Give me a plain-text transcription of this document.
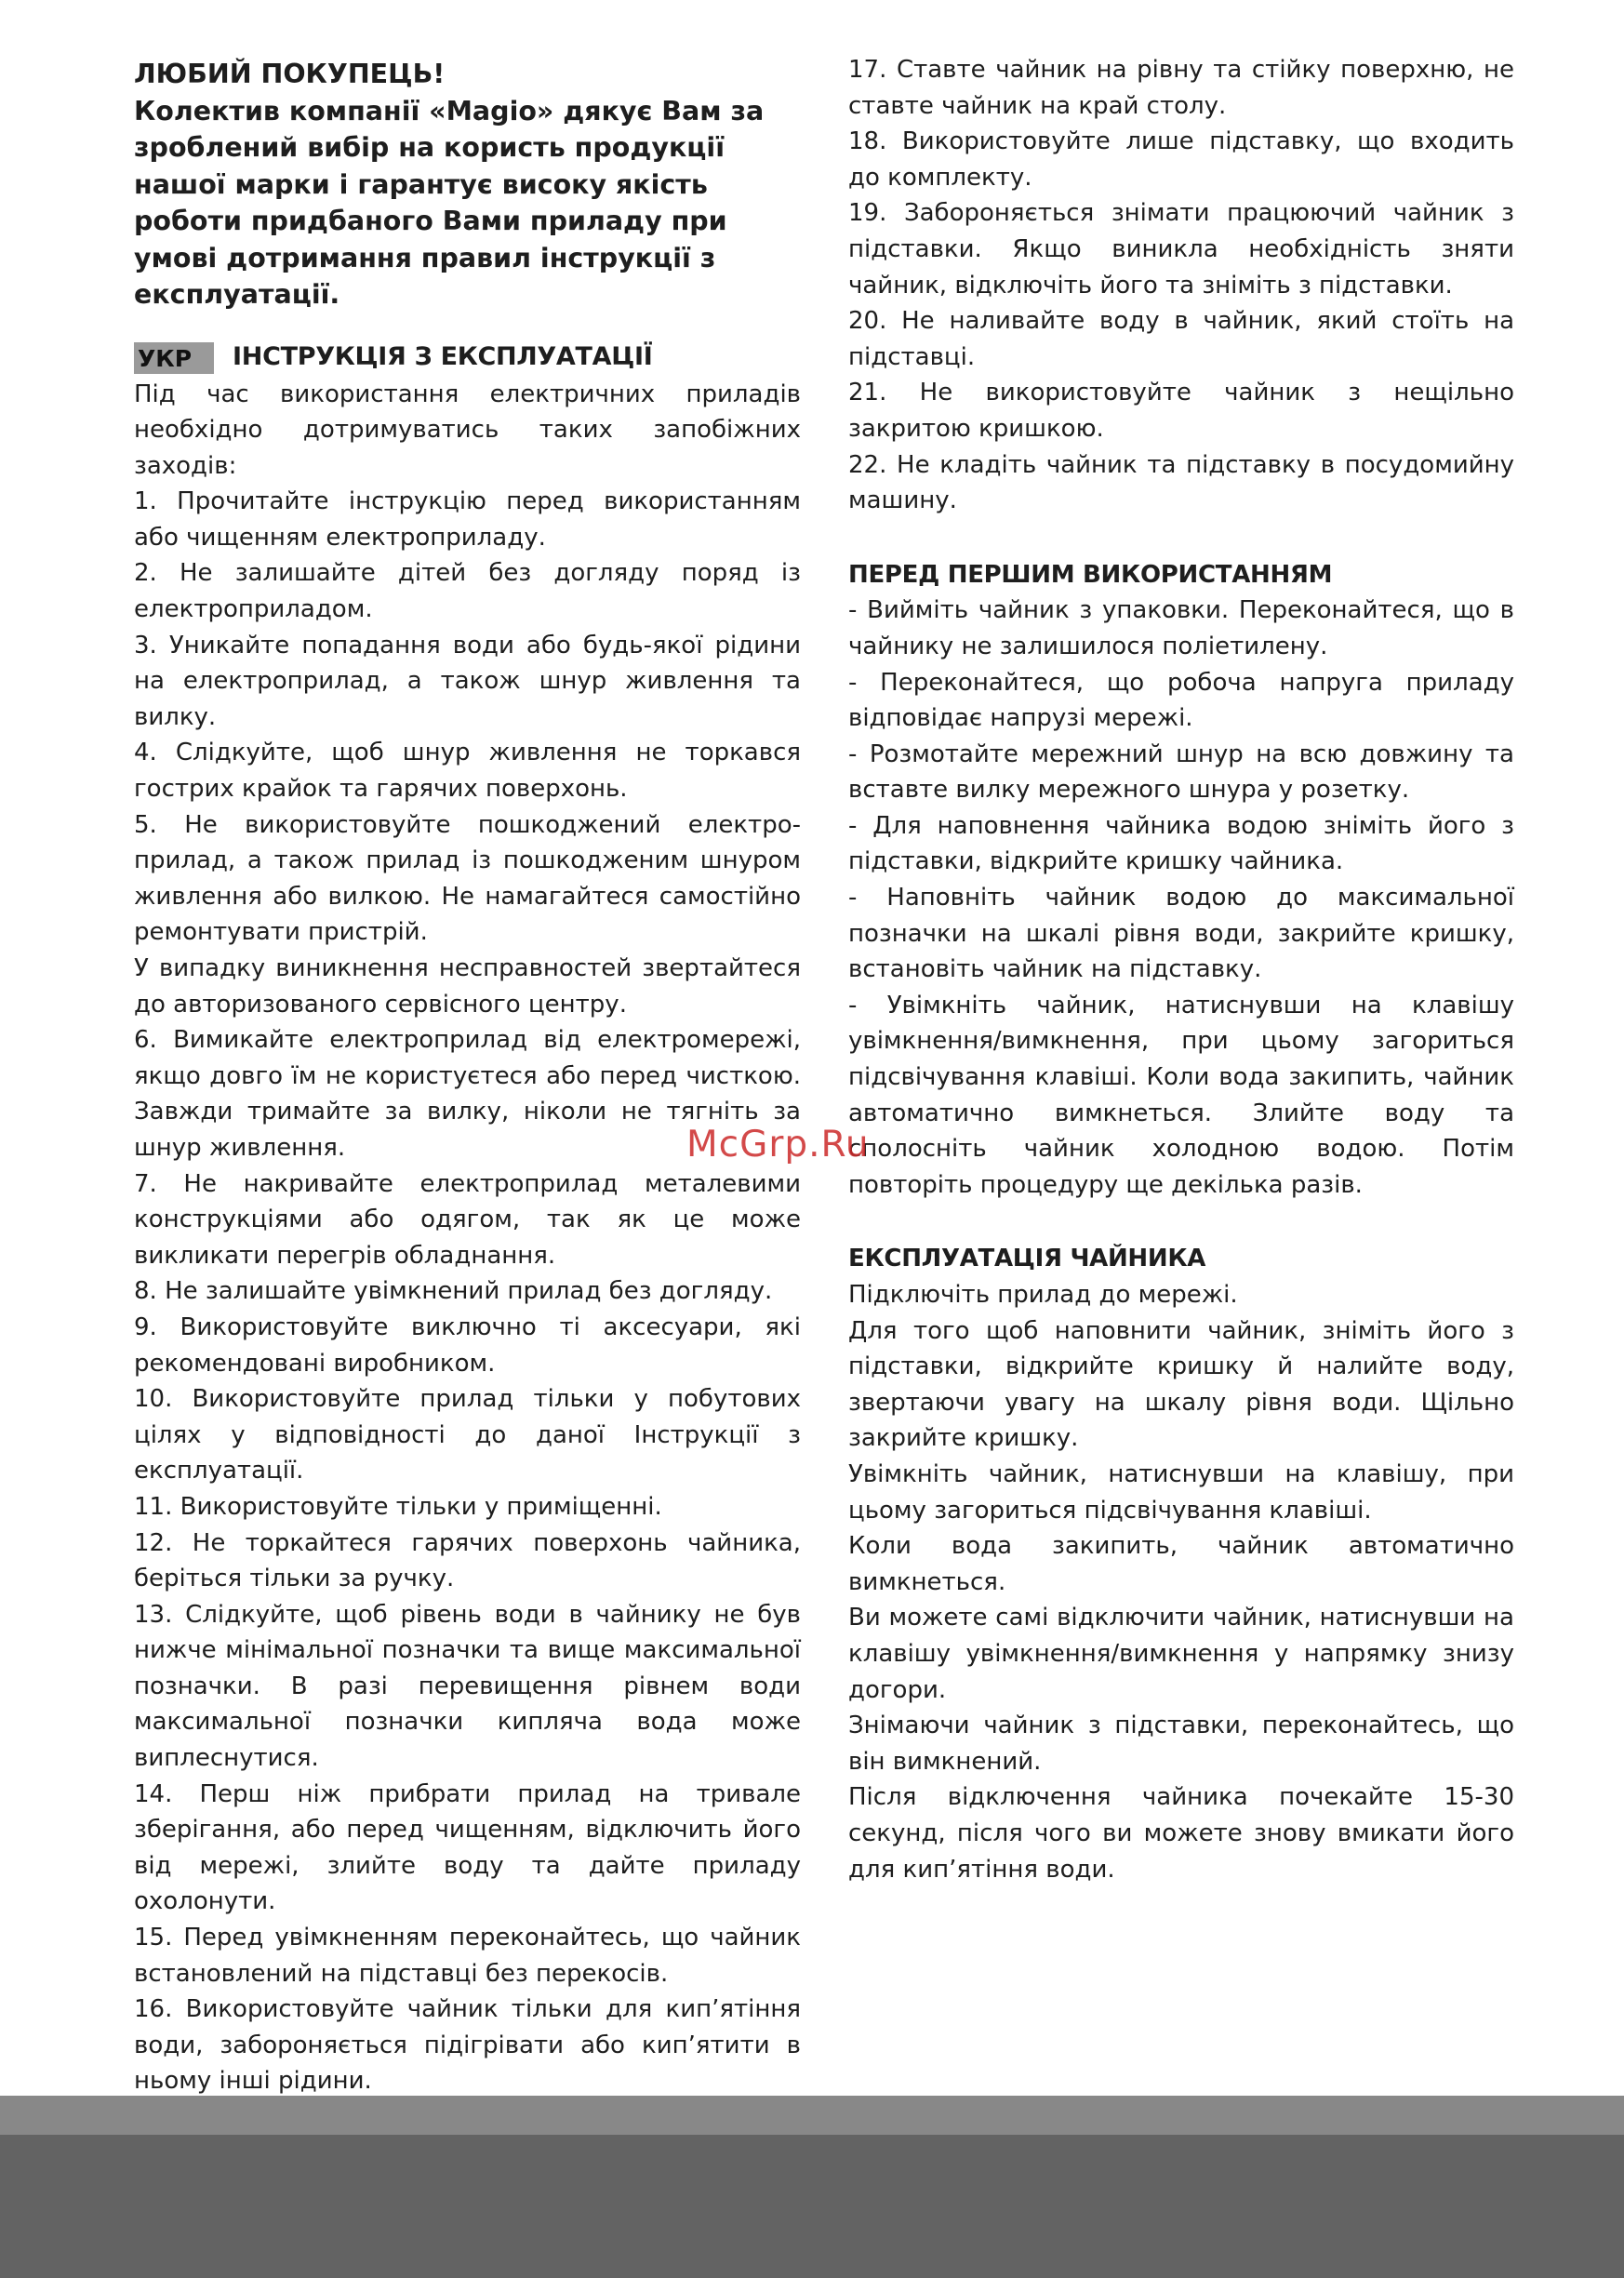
ЛЮБИЙ ПОКУПЕЦЬ!

Колектив компанії «Magio» дякує Вам за зроблений вибір на користь продукції нашої марки і гарантує високу якість роботи придбаного Вами приладу при умові дотримання правил інструкції з експлуатації.

УКР	ІНСТРУКЦІЯ З ЕКСПЛУАТАЦІЇ

Під час використання електричних приладів необхідно дотримуватись таких запобіжних заходів:

1. Прочитайте інструкцію перед використанням або чищенням електроприладу.

2. Не залишайте дітей без догляду поряд із електроприладом.

3. Уникайте попадання води або будь-якої рідини на електроприлад, а також шнур живлення та вилку.

4. Слідкуйте, щоб шнур живлення не торкався гострих крайок та гарячих поверхонь.

5. Не використовуйте пошкоджений електро-прилад, а також прилад із пошкодженим шнуром живлення або вилкою. Не намагайтеся самостійно ремонтувати пристрій.

У випадку виникнення несправностей звертайтеся до авторизованого сервісного центру.

6. Вимикайте електроприлад від електромережі, якщо довго їм не користуєтеся або перед чисткою. Завжди тримайте за вилку, ніколи не тягніть за шнур живлення.

7. Не накривайте електроприлад металевими конструкціями або одягом, так як це може викликати перегрів обладнання.

8. Не залишайте увімкнений прилад без догляду.

9. Використовуйте виключно ті аксесуари, які рекомендовані виробником.

10. Використовуйте прилад тільки у побутових цілях у відповідності до даної Інструкції з експлуатації.

11. Використовуйте тільки у приміщенні.

12. Не торкайтеся гарячих поверхонь чайника, беріться тільки за ручку.

13. Слідкуйте, щоб рівень води в чайнику не був нижче мінімальної позначки та вище максимальної позначки. В разі перевищення рівнем води максимальної позначки кипляча вода може виплеснутися.

14. Перш ніж прибрати прилад на тривале зберігання, або перед чищенням, відключить його від мережі, злийте воду та дайте приладу охолонути.

15. Перед увімкненням переконайтесь, що чайник встановлений на підставці без перекосів.

16. Використовуйте чайник тільки для кип’ятіння води, забороняється підігрівати або кип’ятити в ньому інші рідини.

17. Ставте чайник на рівну та стійку поверхню, не ставте чайник на край столу.

18. Використовуйте лише підставку, що входить до комплекту.

19. Забороняється знімати працюючий чайник з підставки. Якщо виникла необхідність зняти чайник, відключіть його та зніміть з підставки.

20. Не наливайте воду в чайник, який стоїть на підставці.

21. Не використовуйте чайник з нещільно закритою кришкою.

22. Не кладіть чайник та підставку в посудомийну машину.

ПЕРЕД ПЕРШИМ ВИКОРИСТАННЯМ

- Вийміть чайник з упаковки. Переконайтеся, що в чайнику не залишилося поліетилену.

- Переконайтеся, що робоча напруга приладу відповідає напрузі мережі.

- Розмотайте мережний шнур на всю довжину та вставте вилку мережного шнура у розетку.

- Для наповнення чайника водою зніміть його з підставки, відкрийте кришку чайника.

- Наповніть чайник водою до максимальної позначки на шкалі рівня води, закрийте кришку, встановіть чайник на підставку.

- Увімкніть чайник, натиснувши на клавішу увімкнення/вимкнення, при цьому загориться підсвічування клавіші. Коли вода закипить, чайник автоматично вимкнеться. Злийте воду та сполосніть чайник холодною водою. Потім повторіть процедуру ще декілька разів.

ЕКСПЛУАТАЦІЯ ЧАЙНИКА

Підключіть прилад до мережі.

Для того щоб наповнити чайник, зніміть його з підставки, відкрийте кришку й налийте воду, звертаючи увагу на шкалу рівня води. Щільно закрийте кришку.

Увімкніть чайник, натиснувши на клавішу, при цьому загориться підсвічування клавіші.

Коли вода закипить, чайник автоматично вимкнеться.

Ви можете самі відключити чайник, натиснувши на клавішу увімкнення/вимкнення у напрямку знизу догори.

Знімаючи чайник з підставки, переконайтесь, що він вимкнений.

Після відключення чайника почекайте 15-30 секунд, після чого ви можете знову вмикати його для кип’ятіння води.

McGrp.Ru
